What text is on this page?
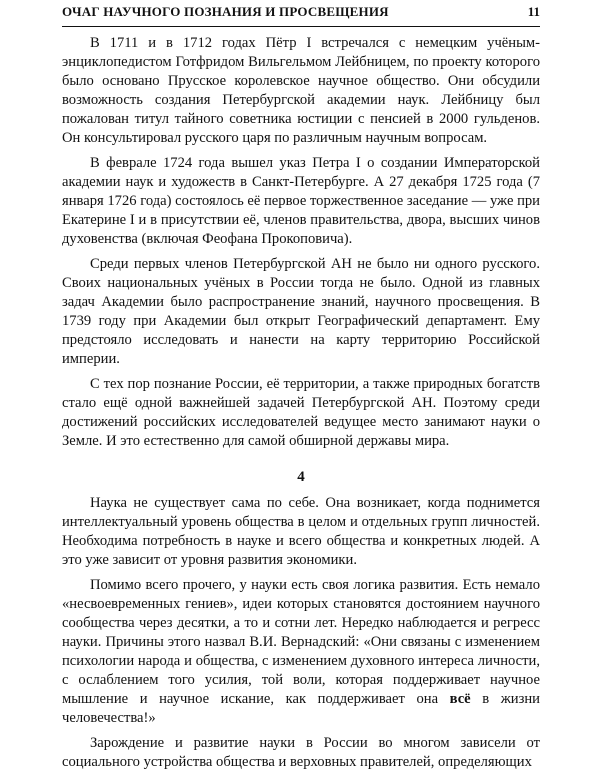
ОЧАГ НАУЧНОГО ПОЗНАНИЯ И ПРОСВЕЩЕНИЯ	11

В 1711 и в 1712 годах Пётр I встречался с немецким учёным-энциклопедистом Готфридом Вильгельмом Лейбницем, по проекту которого было основано Прусское королевское научное общество. Они обсудили возможность создания Петербургской академии наук. Лейбницу был пожалован титул тайного советника юстиции с пенсией в 2000 гульденов. Он консультировал русского царя по различным научным вопросам.

В феврале 1724 года вышел указ Петра I о создании Императорской академии наук и художеств в Санкт-Петербурге. А 27 декабря 1725 года (7 января 1726 года) состоялось её первое торжественное заседание — уже при Екатерине I и в присутствии её, членов правительства, двора, высших чинов духовенства (включая Феофана Прокоповича).

Среди первых членов Петербургской АН не было ни одного русского. Своих национальных учёных в России тогда не было. Одной из главных задач Академии было распространение знаний, научного просвещения. В 1739 году при Академии был открыт Географический департамент. Ему предстояло исследовать и нанести на карту территорию Российской империи.

С тех пор познание России, её территории, а также природных богатств стало ещё одной важнейшей задачей Петербургской АН. Поэтому среди достижений российских исследователей ведущее место занимают науки о Земле. И это естественно для самой обширной державы мира.

4

Наука не существует сама по себе. Она возникает, когда поднимется интеллектуальный уровень общества в целом и отдельных групп личностей. Необходима потребность в науке и всего общества и конкретных людей. А это уже зависит от уровня развития экономики.

Помимо всего прочего, у науки есть своя логика развития. Есть немало «несвоевременных гениев», идеи которых становятся достоянием научного сообщества через десятки, а то и сотни лет. Нередко наблюдается и регресс науки. Причины этого назвал В.И. Вернадский: «Они связаны с изменением психологии народа и общества, с изменением духовного интереса личности, с ослаблением того усилия, той воли, которая поддерживает научное мышление и научное искание, как поддерживает она всё в жизни человечества!»

Зарождение и развитие науки в России во многом зависели от социального устройства общества и верховных правителей, определяющих
